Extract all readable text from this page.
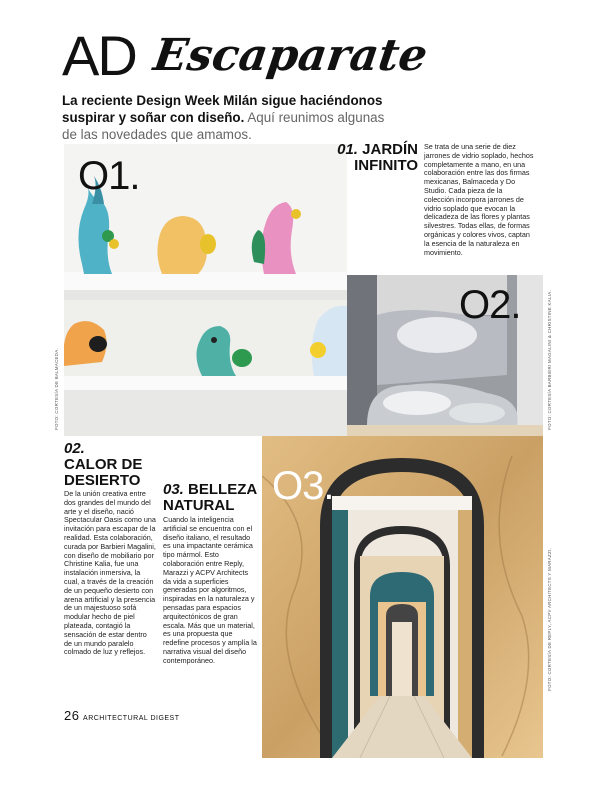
AD Escaparate
La reciente Design Week Milán sigue haciéndonos suspirar y soñar con diseño. Aquí reunimos algunas de las novedades que amamos.
O1.
FOTO: CORTESÍA DE BALMACEDA.
01. JARDÍN INFINITO
Se trata de una serie de diez jarrones de vidrio soplado, hechos completamente a mano, en una colaboración entre las dos firmas mexicanas, Balmaceda y Do Studio. Cada pieza de la colección incorpora jarrones de vidrio soplado que evocan la delicadeza de las flores y plantas silvestres. Todas ellas, de formas orgánicas y colores vivos, captan la esencia de la naturaleza en movimiento.
O2.	FOTO: CORTESÍA BARBIERI MAGALINI & CHRISTINE KALIA.
O3.
FOTO: CORTESÍA DE REPLY, ACPV ARCHITECTS Y MARAZZI.
02.
CALOR DE DESIERTO
De la unión creativa entre dos grandes del mundo del arte y el diseño, nació Spectacular Oasis como una invitación para escapar de la realidad. Esta colaboración, curada por Barbieri Magalini, con diseño de mobiliario por Christine Kalia, fue una instalación inmersiva, la cual, a través de la creación de un pequeño desierto con arena artificial y la presencia de un majestuoso sofá modular hecho de piel plateada, contagió la sensación de estar dentro de un mundo paralelo colmado de luz y reflejos.
03. BELLEZA NATURAL
Cuando la inteligencia artificial se encuentra con el diseño italiano, el resultado es una impactante cerámica tipo mármol. Esto colaboración entre Reply, Marazzi y ACPV Architects da vida a superficies generadas por algoritmos, inspiradas en la naturaleza y pensadas para espacios arquitectónicos de gran escala. Más que un material, es una propuesta que redefine procesos y amplía la narrativa visual del diseño contemporáneo.
26 ARCHITECTURAL DIGEST
